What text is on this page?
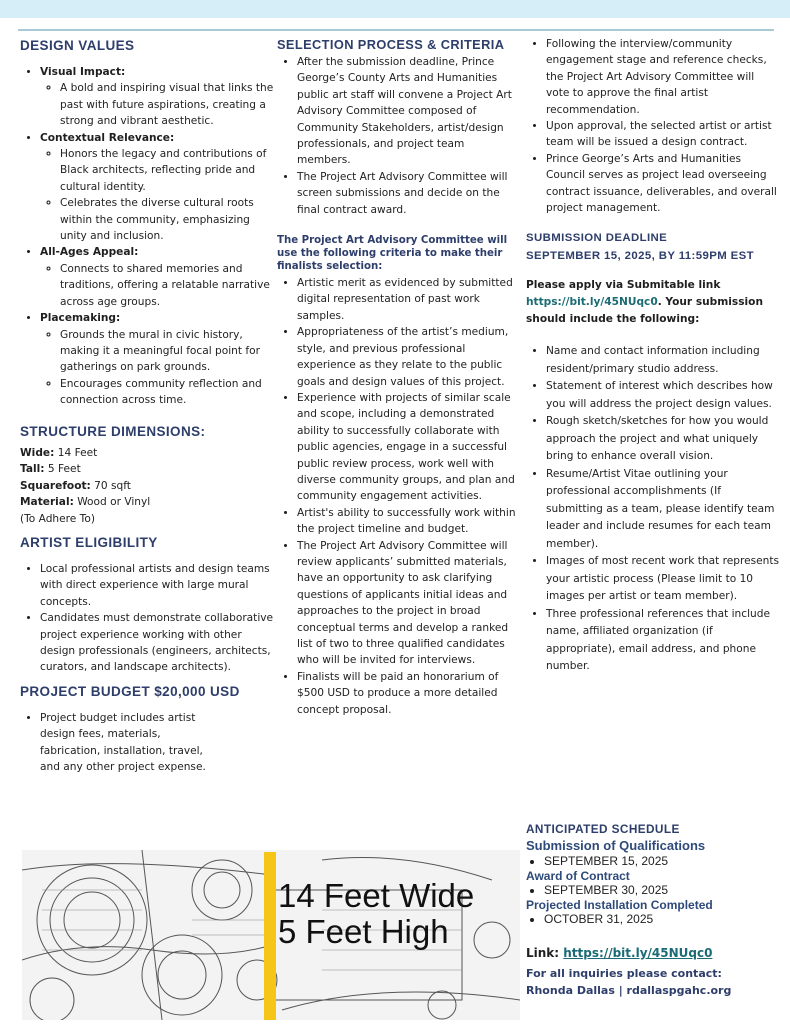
DESIGN VALUES

• Visual Impact:
◦ A bold and inspiring visual that links the past with future aspirations, creating a strong and vibrant aesthetic.
• Contextual Relevance:
◦ Honors the legacy and contributions of Black architects, reflecting pride and cultural identity.
◦ Celebrates the diverse cultural roots within the community, emphasizing unity and inclusion.
• All-Ages Appeal:
◦ Connects to shared memories and traditions, offering a relatable narrative across age groups.
• Placemaking:
◦ Grounds the mural in civic history, making it a meaningful focal point for gatherings on park grounds.
◦ Encourages community reflection and connection across time.

STRUCTURE DIMENSIONS:

Wide: 14 Feet

Tall: 5 Feet

Squarefoot: 70 sqft

Material: Wood or Vinyl

(To Adhere To)

ARTIST ELIGIBILITY

• Local professional artists and design teams with direct experience with large mural concepts.
• Candidates must demonstrate collaborative project experience working with other design professionals (engineers, architects, curators, and landscape architects).

PROJECT BUDGET $20,000 USD

• Project budget includes artist design fees, materials, fabrication, installation, travel, and any other project expense.

SELECTION PROCESS & CRITERIA

• After the submission deadline, Prince George’s County Arts and Humanities public art staff will convene a Project Art Advisory Committee composed of Community Stakeholders, artist/design professionals, and project team members.
• The Project Art Advisory Committee will screen submissions and decide on the final contract award.

The Project Art Advisory Committee will use the following criteria to make their finalists selection:

• Artistic merit as evidenced by submitted digital representation of past work samples.
• Appropriateness of the artist’s medium, style, and previous professional experience as they relate to the public goals and design values of this project.
• Experience with projects of similar scale and scope, including a demonstrated ability to successfully collaborate with public agencies, engage in a successful public review process, work well with diverse community groups, and plan and community engagement activities.
• Artist's ability to successfully work within the project timeline and budget.
• The Project Art Advisory Committee will review applicants’ submitted materials, have an opportunity to ask clarifying questions of applicants initial ideas and approaches to the project in broad conceptual terms and develop a ranked list of two to three qualified candidates who will be invited for interviews.
• Finalists will be paid an honorarium of $500 USD to produce a more detailed concept proposal.
• Following the interview/community engagement stage and reference checks, the Project Art Advisory Committee will vote to approve the final artist recommendation.
• Upon approval, the selected artist or artist team will be issued a design contract.
• Prince George’s Arts and Humanities Council serves as project lead overseeing contract issuance, deliverables, and overall project management.

SUBMISSION DEADLINE
SEPTEMBER 15, 2025, BY 11:59PM EST

Please apply via Submitable link https://bit.ly/45NUqc0. Your submission should include the following:

• Name and contact information including resident/primary studio address.
• Statement of interest which describes how you will address the project design values.
• Rough sketch/sketches for how you would approach the project and what uniquely bring to enhance overall vision.
• Resume/Artist Vitae outlining your professional accomplishments (If submitting as a team, please identify team leader and include resumes for each team member).
• Images of most recent work that represents your artistic process (Please limit to 10 images per artist or team member).
• Three professional references that include name, affiliated organization (if appropriate), email address, and phone number.

ANTICIPATED SCHEDULE

Submission of Qualifications
• SEPTEMBER 15, 2025
Award of Contract
• SEPTEMBER 30, 2025
Projected Installation Completed
• OCTOBER 31, 2025

Link: https://bit.ly/45NUqc0

For all inquiries please contact:

Rhonda Dallas | rdallaspgahc.org

14 Feet Wide
5 Feet High
